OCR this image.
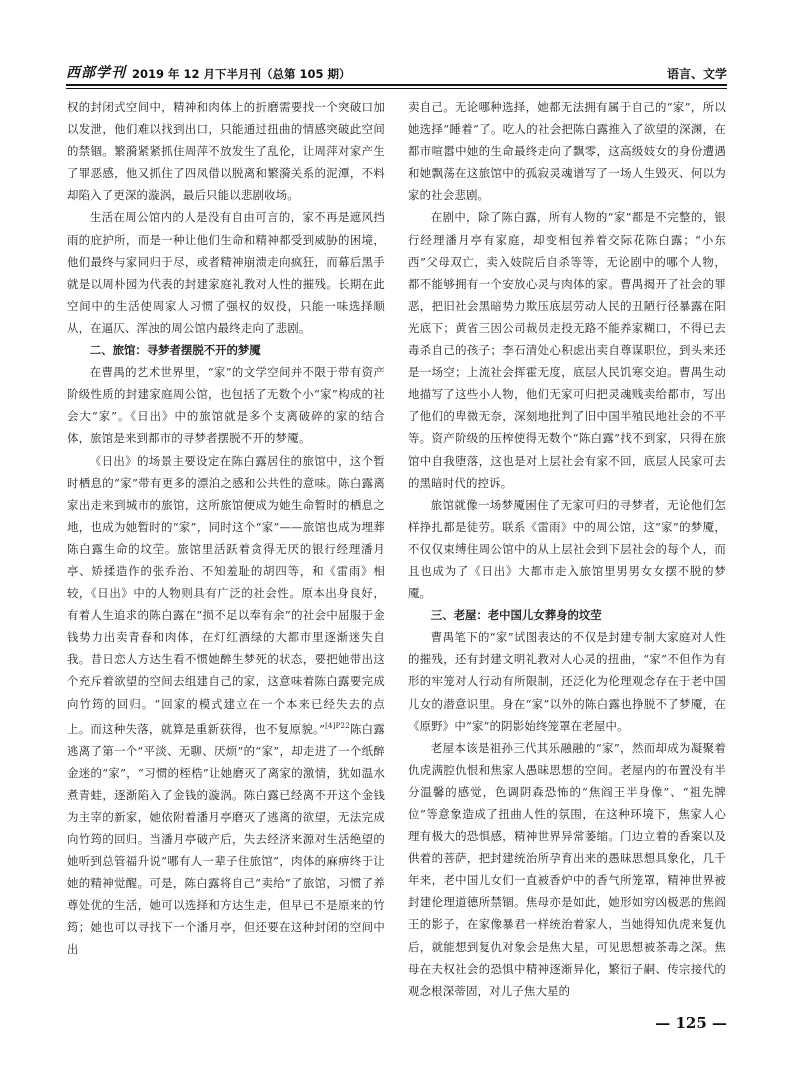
西部学刊 2019 年 12 月下半月刊（总第 105 期）	语言、文学

权的封闭式空间中，精神和肉体上的折磨需要找一个突破口加以发泄，他们难以找到出口，只能通过扭曲的情感突破此空间的禁锢。繁漪紧紧抓住周萍不放发生了乱伦，让周萍对家产生了罪恶感，他又抓住了四凤借以脱离和繁漪关系的泥潭，不料却陷入了更深的漩涡，最后只能以悲剧收场。

生活在周公馆内的人是没有自由可言的，家不再是遮风挡雨的庇护所，而是一种让他们生命和精神都受到威胁的困境，他们最终与家同归于尽，或者精神崩溃走向疯狂，而幕后黑手就是以周朴园为代表的封建家庭礼教对人性的摧残。长期在此空间中的生活使周家人习惯了强权的奴役，只能一味选择顺从，在逼仄、浑浊的周公馆内最终走向了悲剧。

二、旅馆：寻梦者摆脱不开的梦魇

在曹禺的艺术世界里，“家”的文学空间并不限于带有资产阶级性质的封建家庭周公馆，也包括了无数个小“家”构成的社会大“家”。《日出》中的旅馆就是多个支离破碎的家的结合体，旅馆是来到都市的寻梦者摆脱不开的梦魇。

《日出》的场景主要设定在陈白露居住的旅馆中，这个暂时栖息的“家”带有更多的漂泊之感和公共性的意味。陈白露离家出走来到城市的旅馆，这所旅馆便成为她生命暂时的栖息之地，也成为她暂时的“家”，同时这个“家”——旅馆也成为埋葬陈白露生命的坟茔。旅馆里活跃着贪得无厌的银行经理潘月亭、矫揉造作的张乔治、不知羞耻的胡四等，和《雷雨》相较，《日出》中的人物则具有广泛的社会性。原本出身良好，有着人生追求的陈白露在“损不足以奉有余”的社会中屈服于金钱势力出卖青春和肉体，在灯红酒绿的大都市里逐渐迷失自我。昔日恋人方达生看不惯她醉生梦死的状态，要把她带出这个充斥着欲望的空间去组建自己的家，这意味着陈白露要完成向竹筠的回归。“回家的模式建立在一个本来已经失去的点上。而这种失落，就算是重新获得，也不复原貌。”$^{[4]P22}$陈白露逃离了第一个“平淡、无聊、厌烦”的“家”，却走进了一个纸醉金迷的“家”，“习惯的桎梏”让她磨灭了离家的激情，犹如温水煮青蛙，逐渐陷入了金钱的漩涡。陈白露已经离不开这个金钱为主宰的新家，她依附着潘月亭磨灭了逃离的欲望，无法完成向竹筠的回归。当潘月亭破产后，失去经济来源对生活绝望的她听到总管福升说“哪有人一辈子住旅馆”，肉体的麻痹终于让她的精神觉醒。可是，陈白露将自己“卖给”了旅馆，习惯了养尊处优的生活，她可以选择和方达生走，但早已不是原来的竹筠；她也可以寻找下一个潘月亭，但还要在这种封闭的空间中出

卖自己。无论哪种选择，她都无法拥有属于自己的“家”，所以她选择“睡着”了。吃人的社会把陈白露推入了欲望的深渊，在都市喧嚣中她的生命最终走向了飘零，这高级妓女的身份遭遇和她飘荡在这旅馆中的孤寂灵魂谱写了一场人生毁灭、何以为家的社会悲剧。

在剧中，除了陈白露，所有人物的“家”都是不完整的，银行经理潘月亭有家庭，却变相包养着交际花陈白露；“小东西”父母双亡，卖入妓院后自杀等等，无论剧中的哪个人物，都不能够拥有一个安放心灵与肉体的家。曹禺揭开了社会的罪恶，把旧社会黑暗势力欺压底层劳动人民的丑陋行径暴露在阳光底下；黄省三因公司裁员走投无路不能养家糊口，不得已去毒杀自己的孩子；李石清处心积虑出卖自尊谋职位，到头来还是一场空；上流社会挥霍无度，底层人民饥寒交迫。曹禺生动地描写了这些小人物，他们无家可归把灵魂贱卖给都市，写出了他们的卑微无奈，深刻地批判了旧中国半殖民地社会的不平等。资产阶级的压榨使得无数个“陈白露”找不到家，只得在旅馆中自我堕落，这也是对上层社会有家不回，底层人民家可去的黑暗时代的控诉。

旅馆就像一场梦魇困住了无家可归的寻梦者，无论他们怎样挣扎都是徒劳。联系《雷雨》中的周公馆，这“家”的梦魇，不仅仅束缚住周公馆中的从上层社会到下层社会的每个人，而且也成为了《日出》大都市走入旅馆里男男女女摆不脱的梦魇。

三、老屋：老中国儿女葬身的坟茔

曹禺笔下的“家”试图表达的不仅是封建专制大家庭对人性的摧残，还有封建文明礼教对人心灵的扭曲，“家”不但作为有形的牢笼对人行动有所限制，还泛化为伦理观念存在于老中国儿女的潜意识里。身在“家”以外的陈白露也挣脱不了梦魇，在《原野》中“家”的阴影始终笼罩在老屋中。

老屋本该是祖孙三代其乐融融的“家”，然而却成为凝聚着仇虎满腔仇恨和焦家人愚昧思想的空间。老屋内的布置没有半分温馨的感觉，色调阴森恐怖的“焦阎王半身像”、“祖先牌位”等意象造成了扭曲人性的氛围，在这种环境下，焦家人心理有极大的恐惧感，精神世界异常萎缩。门边立着的香案以及供着的菩萨，把封建统治所孕育出来的愚昧思想具象化，几千年来，老中国儿女们一直被香炉中的香气所笼罩，精神世界被封建伦理道德所禁锢。焦母亦是如此，她形如穷凶极恶的焦阎王的影子，在家像暴君一样统治着家人，当她得知仇虎来复仇后，就能想到复仇对象会是焦大星，可见思想被茶毒之深。焦母在夫权社会的恐惧中精神逐渐异化，繁衍子嗣、传宗接代的观念根深蒂固，对儿子焦大星的

— 125 —
